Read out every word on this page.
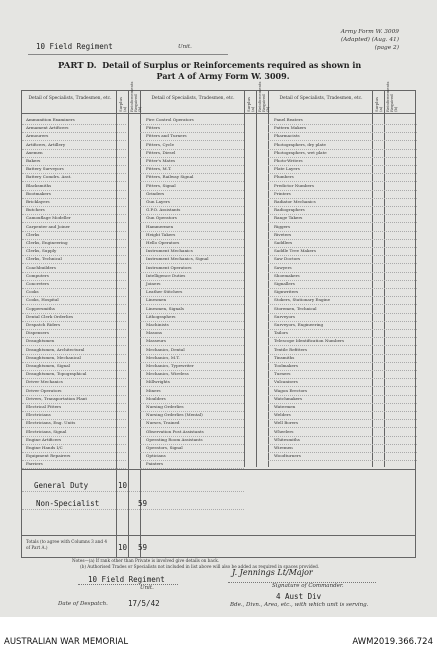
10 Field Regiment	Unit.
Army Form W. 3009
(Adapted) (Aug. 41)
(page 2)
PART D. Detail of Surplus or Reinforcements required as shown in
Part A of Army Form W. 3009.
Detail of Specialists, Tradesmen, etc.	Detail of Specialists, Tradesmen, etc.	Detail of Specialists, Tradesmen, etc.
Surplus (a) Reinforcements Required (b)	Surplus (a) Reinforcements Required (b)	Surplus (a) Reinforcements Required (b)
Ammunition Examiners
Armament Artificers
Armourers
Artificers, Artillery
Axemen
Bakers
Battery Surveyors
Battery Comdrs. Asst.
Blacksmiths
Bootmakers
Bricklayers
Butchers
Camouflage Modeller
Carpenter and Joiner
Clerks
Clerks, Engineering
Clerks, Supply
Clerks, Technical
Coachbuilders
Computers
Concreters
Cooks
Cooks, Hospital
Coppersmiths
Dental Clerk Orderlies
Despatch Riders
Dispensers
Draughtsmen
Draughtsmen, Architectural
Draughtsmen, Mechanical
Draughtsmen, Signal
Draughtsmen, Topographical
Driver Mechanics
Driver Operators
Drivers, Transportation Plant
Electrical Fitters
Electricians
Electricians, Eng. Units
Electricians, Signal
Engine Artificers
Engine Hands I/C
Equipment Repairers
Farriers
Fire Control Operators
Fitters
Fitters and Turners
Fitters, Cycle
Fitters, Diesel
Fitter's Mates
Fitters, M.T.
Fitters, Railway Signal
Fitters, Signal
Grinders
Gun Layers
G.P.O. Assistants
Gun Operators
Hammermen
Height Takers
Hello Operators
Instrument Mechanics
Instrument Mechanics, Signal
Instrument Operators
Intelligence Duties
Joiners
Leather Stitchers
Linesmen
Linesmen, Signals
Lithographers
Machinists
Masons
Masseurs
Mechanics, Dental
Mechanics, M.T.
Mechanics, Typewriter
Mechanics, Wireless
Millwrights
Miners
Moulders
Nursing Orderlies
Nursing Orderlies (Mental)
Nurses, Trained
Observation Post Assistants
Operating Room Assistants
Operators, Signal
Opticians
Painters
Panel Beaters
Pattern Makers
Pharmacists
Photographers, dry plate
Photographers, wet plate
Photo-Writers
Plate Layers
Plumbers
Predictor Numbers
Printers
Radiator Mechanics
Radiographers
Range Takers
Riggers
Riveters
Saddlers
Saddle Tree Makers
Saw Doctors
Sawyers
Shoemakers
Signallers
Signwriters
Stokers, Stationary Engine
Storemen, Technical
Surveyors
Surveyors, Engineering
Tailors
Telescope Identification Numbers
Textile Refitters
Tinsmiths
Toolmakers
Turners
Vulcanisers
Wagon Erectors
Watchmakers
Watermen
Welders
Well Borers
Wheelers
Whitesmiths
Wiremen
Woodturners
General Duty	10
Non-Specialist	59
Totals (to agree with Columns 3 and 4 of Part A.)	10 59
Notes—(a) If rank other than Private is involved give details on back.
(b) Authorised Trades or Specialists not included in list above will also be added as required in spaces provided.
10 Field Regiment
Unit.
J. Jennings Lt/Major
Signature of Commander.
4 Aust Div
Date of Despatch.	17/5/42	Bde., Divn., Area, etc., with which unit is serving.
AUSTRALIAN WAR MEMORIAL	AWM2019.366.724
